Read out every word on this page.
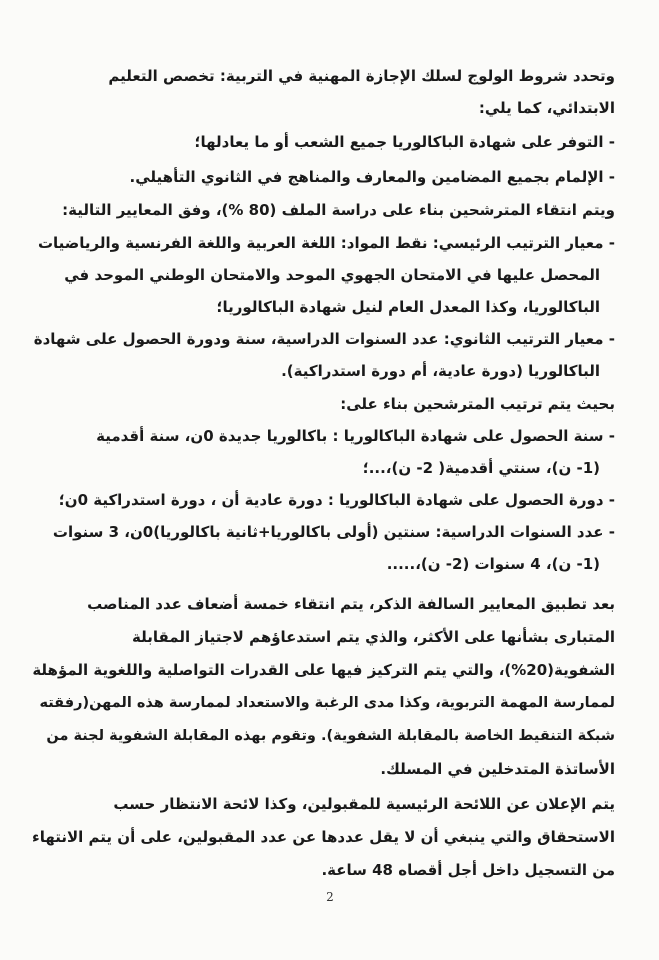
وتحدد شروط الولوج لسلك الإجازة المهنية في التربية: تخصص التعليم
الابتدائي، كما يلي:
- التوفر على شهادة الباكالوريا جميع الشعب أو ما يعادلها؛
- الإلمام بجميع المضامين والمعارف والمناهج في الثانوي التأهيلي.
ويتم انتقاء المترشحين بناء على دراسة الملف (80 %)، وفق المعايير التالية:
- معيار الترتيب الرئيسي: نقط المواد: اللغة العربية واللغة الفرنسية والرياضيات
المحصل عليها في الامتحان الجهوي الموحد والامتحان الوطني الموحد في
الباكالوريا، وكذا المعدل العام لنيل شهادة الباكالوريا؛
- معيار الترتيب الثانوي: عدد السنوات الدراسية، سنة ودورة الحصول على شهادة
الباكالوريا (دورة عادية، أم دورة استدراكية).
بحيث يتم ترتيب المترشحين بناء على:
- سنة الحصول على شهادة الباكالوريا : باكالوريا جديدة 0ن، سنة أقدمية
(1- ن)، سنتي أقدمية( 2- ن)،...؛
- دورة الحصول على شهادة الباكالوريا : دورة عادية أن ، دورة استدراكية 0ن؛
- عدد السنوات الدراسية: سنتين (أولى باكالوريا+ثانية باكالوريا)0ن، 3 سنوات
(1- ن)، 4 سنوات (2- ن)،.....
بعد تطبيق المعايير السالفة الذكر، يتم انتقاء خمسة أضعاف عدد المناصب
المتبارى بشأنها على الأكثر، والذي يتم استدعاؤهم لاجتياز المقابلة
الشفوية(20%)، والتي يتم التركيز فيها على القدرات التواصلية واللغوية المؤهلة
لممارسة المهمة التربوية، وكذا مدى الرغبة والاستعداد لممارسة هذه المهن(رفقته
شبكة التنقيط الخاصة بالمقابلة الشفوية). وتقوم بهذه المقابلة الشفوية لجنة من
الأساتذة المتدخلين في المسلك.
يتم الإعلان عن اللائحة الرئيسية للمقبولين، وكذا لائحة الانتظار حسب
الاستحقاق والتي ينبغي أن لا يقل عددها عن عدد المقبولين، على أن يتم الانتهاء
من التسجيل داخل أجل أقصاه 48 ساعة.
2
